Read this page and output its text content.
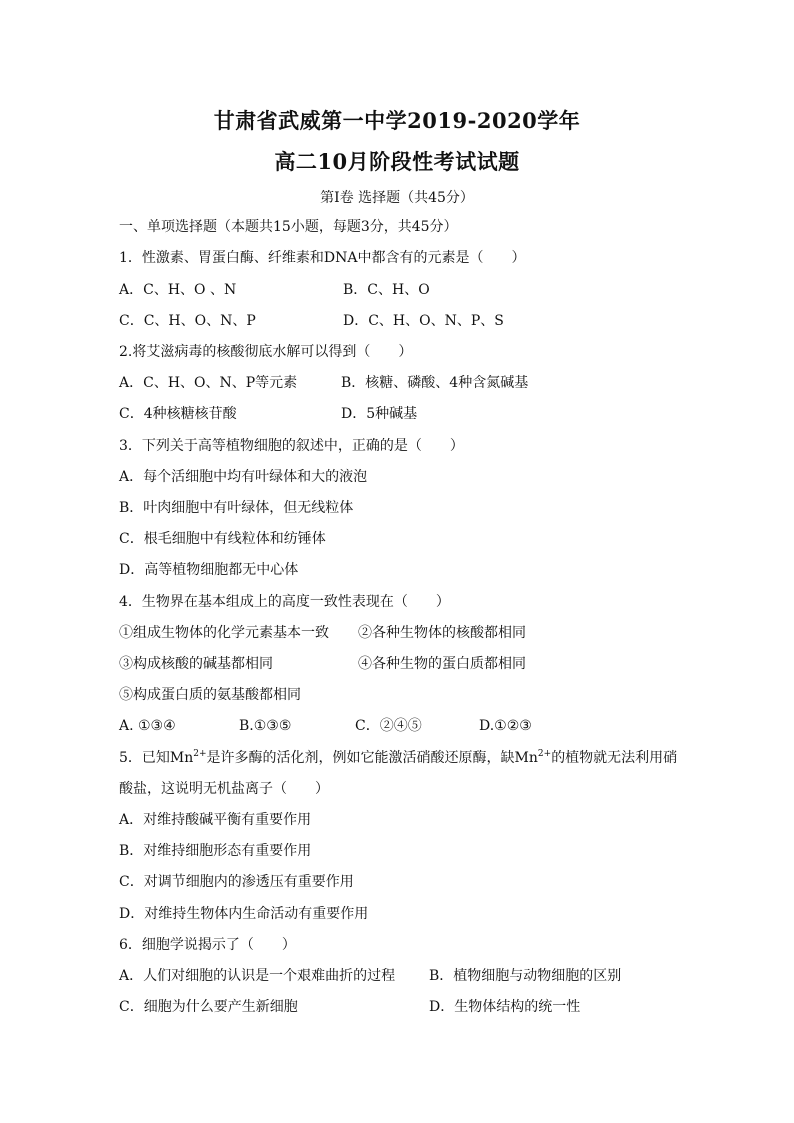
甘肃省武威第一中学2019-2020学年
高二10月阶段性考试试题
第Ⅰ卷 选择题（共45分）
一、单项选择题（本题共15小题，每题3分，共45分）
1．性激素、胃蛋白酶、纤维素和DNA中都含有的元素是（　　）
A．C、H、O 、N	B．C、H、O
C．C、H、O、N、P	D．C、H、O、N、P、S
2.将艾滋病毒的核酸彻底水解可以得到（　　）
A．C、H、O、N、P等元素	B．核糖、磷酸、4种含氮碱基
C．4种核糖核苷酸	D．5种碱基
3．下列关于高等植物细胞的叙述中，正确的是（　　）
A．每个活细胞中均有叶绿体和大的液泡
B．叶肉细胞中有叶绿体，但无线粒体
C．根毛细胞中有线粒体和纺锤体
D．高等植物细胞都无中心体
4．生物界在基本组成上的高度一致性表现在（　　）
①组成生物体的化学元素基本一致 ②各种生物体的核酸都相同
③构成核酸的碱基都相同	④各种生物的蛋白质都相同
⑤构成蛋白质的氨基酸都相同
A. ①③④	B.①③⑤	C．②④⑤	D.①②③
5．已知$Mn^{2+}$是许多酶的活化剂，例如它能激活硝酸还原酶，缺$Mn^{2+}$的植物就无法利用硝
酸盐，这说明无机盐离子（　　）
A．对维持酸碱平衡有重要作用
B．对维持细胞形态有重要作用
C．对调节细胞内的渗透压有重要作用
D．对维持生物体内生命活动有重要作用
6．细胞学说揭示了（　　）
A．人们对细胞的认识是一个艰难曲折的过程 B．植物细胞与动物细胞的区别
C．细胞为什么要产生新细胞	D．生物体结构的统一性
